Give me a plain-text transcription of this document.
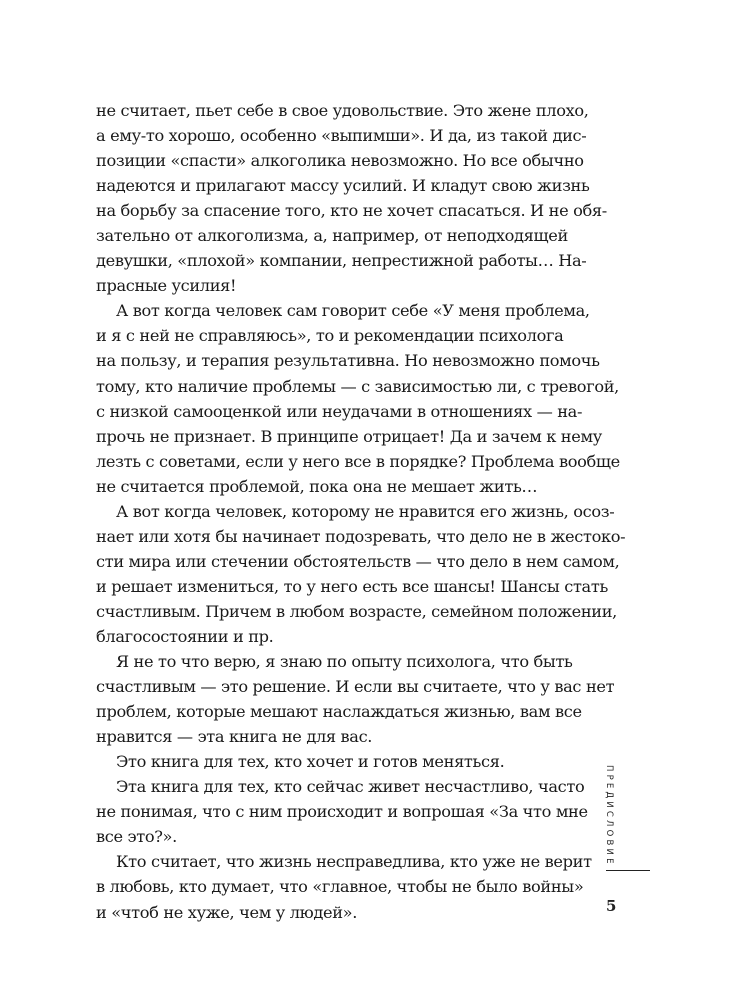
не считает, пьет себе в свое удовольствие. Это жене плохо,
а ему-то хорошо, особенно «выпимши». И да, из такой дис-
позиции «спасти» алкоголика невозможно. Но все обычно
надеются и прилагают массу усилий. И кладут свою жизнь
на борьбу за спасение того, кто не хочет спасаться. И не обя-
зательно от алкоголизма, а, например, от неподходящей
девушки, «плохой» компании, непрестижной работы… На-
прасные усилия!
А вот когда человек сам говорит себе «У меня проблема,
и я с ней не справляюсь», то и рекомендации психолога
на пользу, и терапия результативна. Но невозможно помочь
тому, кто наличие проблемы — с зависимостью ли, с тревогой,
с низкой самооценкой или неудачами в отношениях — на-
прочь не признает. В принципе отрицает! Да и зачем к нему
лезть с советами, если у него все в порядке? Проблема вообще
не считается проблемой, пока она не мешает жить…
А вот когда человек, которому не нравится его жизнь, осоз-
нает или хотя бы начинает подозревать, что дело не в жестоко-
сти мира или стечении обстоятельств — что дело в нем самом,
и решает измениться, то у него есть все шансы! Шансы стать
счастливым. Причем в любом возрасте, семейном положении,
благосостоянии и пр.
Я не то что верю, я знаю по опыту психолога, что быть
счастливым — это решение. И если вы считаете, что у вас нет
проблем, которые мешают наслаждаться жизнью, вам все
нравится — эта книга не для вас.
Это книга для тех, кто хочет и готов меняться.
Эта книга для тех, кто сейчас живет несчастливо, часто
не понимая, что с ним происходит и вопрошая «За что мне
все это?».
Кто считает, что жизнь несправедлива, кто уже не верит
в любовь, кто думает, что «главное, чтобы не было войны»
и «чтоб не хуже, чем у людей».
ПРЕДИСЛОВИЕ
5
